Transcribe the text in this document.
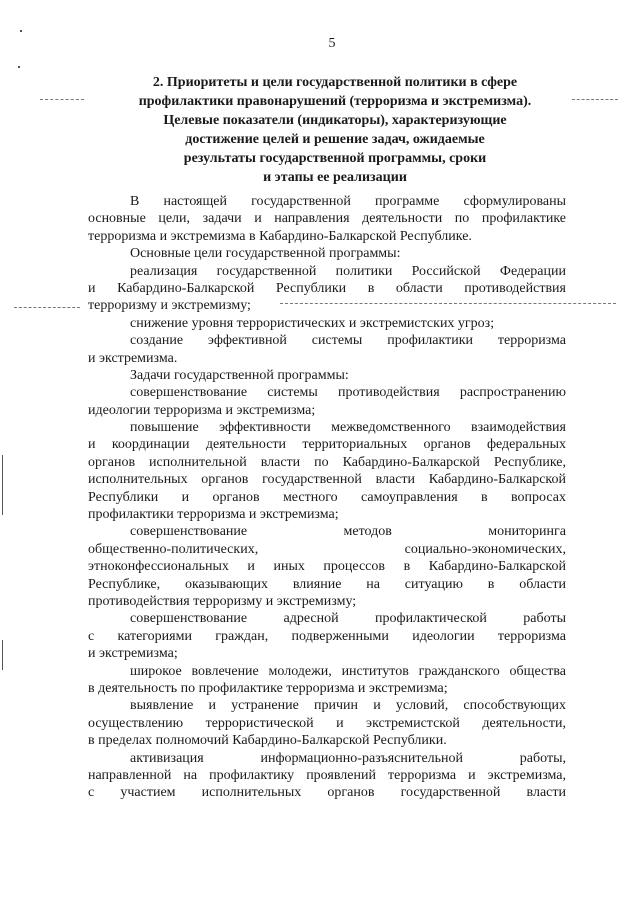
5
2. Приоритеты и цели государственной политики в сфере
профилактики правонарушений (терроризма и экстремизма).
Целевые показатели (индикаторы), характеризующие
достижение целей и решение задач, ожидаемые
результаты государственной программы, сроки
и этапы ее реализации
В настоящей государственной программе сформулированы
основные цели, задачи и направления деятельности по профилактике
терроризма и экстремизма в Кабардино-Балкарской Республике.
Основные цели государственной программы:
реализация государственной политики Российской Федерации
и Кабардино-Балкарской Республики в области противодействия
терроризму и экстремизму;
снижение уровня террористических и экстремистских угроз;
создание эффективной системы профилактики терроризма
и экстремизма.
Задачи государственной программы:
совершенствование системы противодействия распространению
идеологии терроризма и экстремизма;
повышение эффективности межведомственного взаимодействия
и координации деятельности территориальных органов федеральных
органов исполнительной власти по Кабардино-Балкарской Республике,
исполнительных органов государственной власти Кабардино-Балкарской
Республики и органов местного самоуправления в вопросах
профилактики терроризма и экстремизма;
совершенствование методов мониторинга
общественно-политических, социально-экономических,
этноконфессиональных и иных процессов в Кабардино-Балкарской
Республике, оказывающих влияние на ситуацию в области
противодействия терроризму и экстремизму;
совершенствование адресной профилактической работы
с категориями граждан, подверженными идеологии терроризма
и экстремизма;
широкое вовлечение молодежи, институтов гражданского общества
в деятельность по профилактике терроризма и экстремизма;
выявление и устранение причин и условий, способствующих
осуществлению террористической и экстремистской деятельности,
в пределах полномочий Кабардино-Балкарской Республики.
активизация информационно-разъяснительной работы,
направленной на профилактику проявлений терроризма и экстремизма,
с участием исполнительных органов государственной власти
